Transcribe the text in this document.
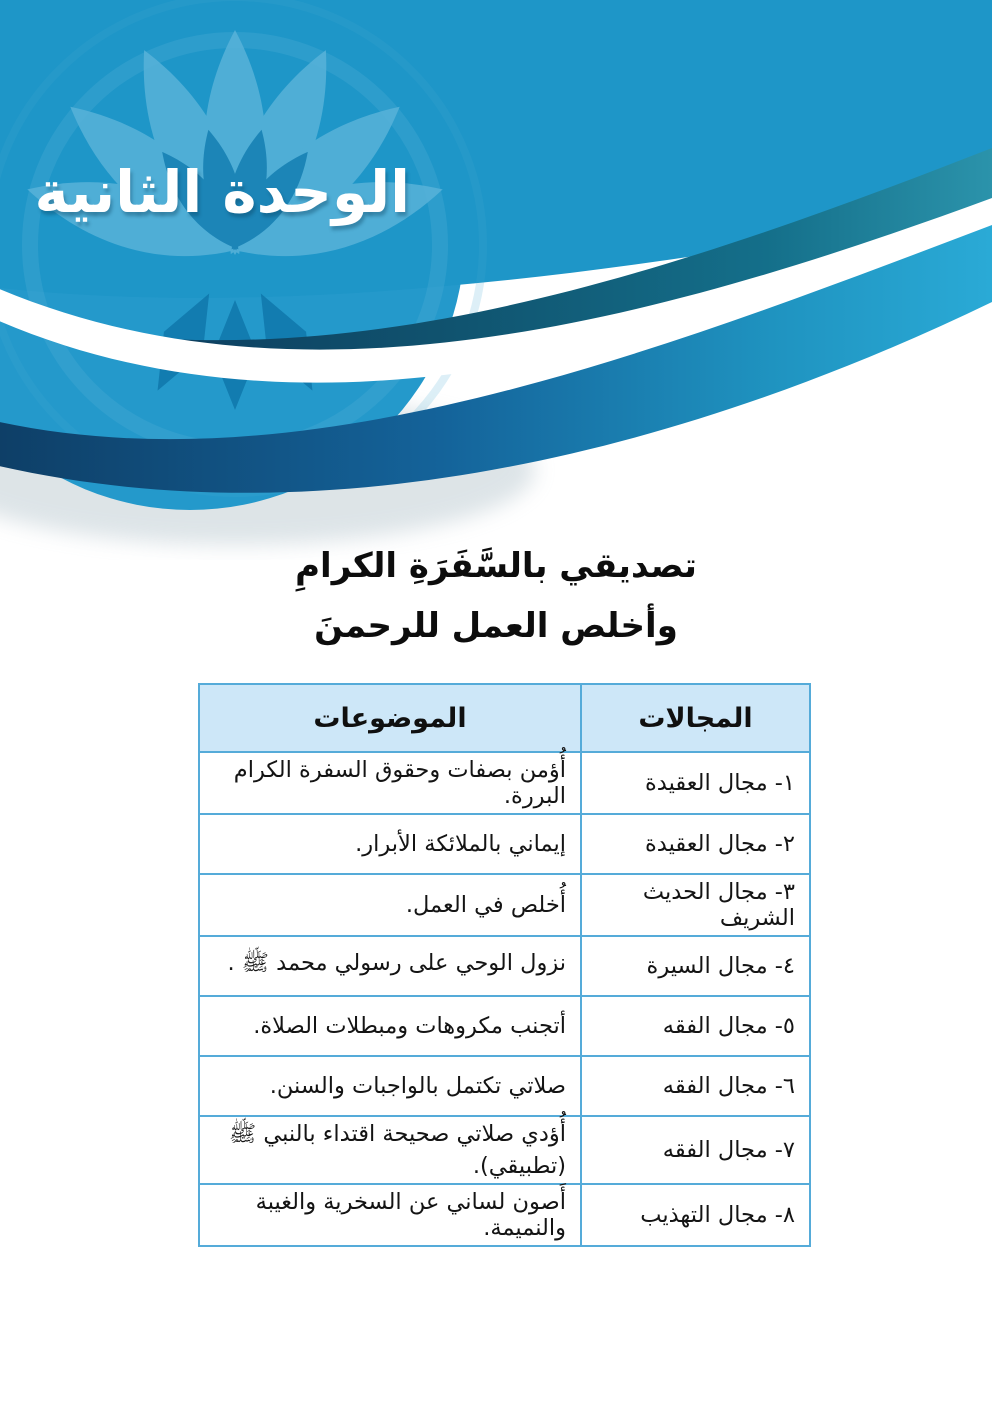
الوحدة الثانية
تصديقي بالسَّفَرَةِ الكرامِ
وأخلص العمل للرحمنَ
المجالات	الموضوعات
١- مجال العقيدة	أُؤمن بصفات وحقوق السفرة الكرام البررة.
٢- مجال العقيدة	إيماني بالملائكة الأبرار.
٣- مجال الحديث الشريف	أُخلص في العمل.
٤- مجال السيرة	نزول الوحي على رسولي محمد ﷺ .
٥- مجال الفقه	أتجنب مكروهات ومبطلات الصلاة.
٦- مجال الفقه	صلاتي تكتمل بالواجبات والسنن.
٧- مجال الفقه	أُؤدي صلاتي صحيحة اقتداء بالنبي ﷺ (تطبيقي).
٨- مجال التهذيب	أَصون لساني عن السخرية والغيبة والنميمة.
